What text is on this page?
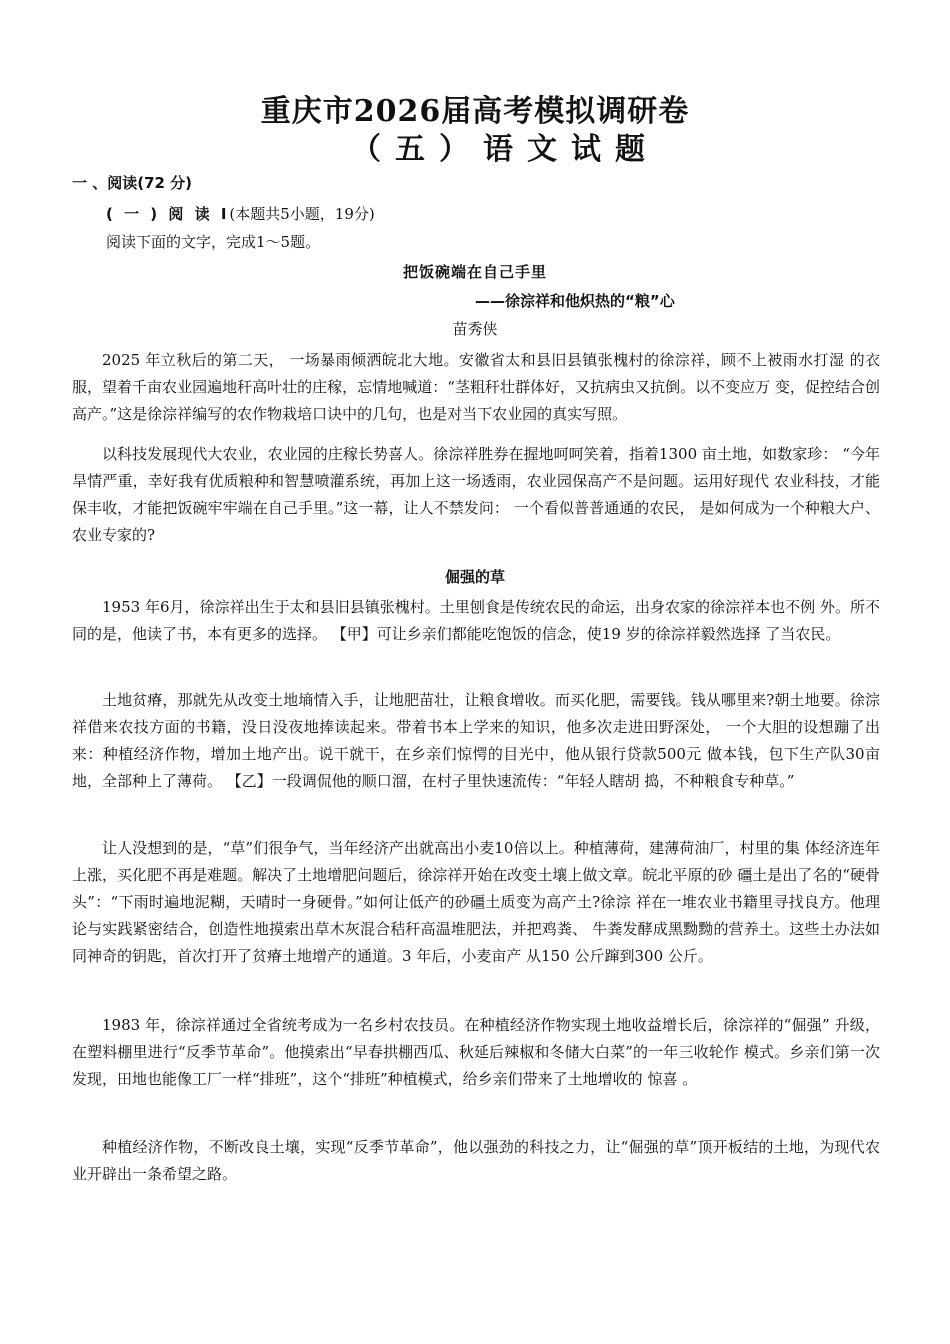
重庆市2026届高考模拟调研卷
（五）语文试题
一 、阅读(72 分)
( 一 ) 阅 读 Ⅰ(本题共5小题，19分)
阅读下面的文字，完成1～5题。
把饭碗端在自己手里
——徐淙祥和他炽热的“粮”心
苗秀侠

2025 年立秋后的第二天， 一场暴雨倾洒皖北大地。安徽省太和县旧县镇张槐村的徐淙祥，顾不上被雨水打湿 的衣服，望着千亩农业园遍地秆高叶壮的庄稼，忘情地喊道：“茎粗秆壮群体好，又抗病虫又抗倒。以不变应万 变，促控结合创高产。”这是徐淙祥编写的农作物栽培口诀中的几句，也是对当下农业园的真实写照。

以科技发展现代大农业，农业园的庄稼长势喜人。徐淙祥胜券在握地呵呵笑着，指着1300 亩土地，如数家珍： “今年旱情严重，幸好我有优质粮种和智慧喷灌系统，再加上这一场透雨，农业园保高产不是问题。运用好现代 农业科技，才能保丰收，才能把饭碗牢牢端在自己手里。”这一幕，让人不禁发问： 一个看似普普通通的农民， 是如何成为一个种粮大户、农业专家的?

倔强的草

1953 年6月，徐淙祥出生于太和县旧县镇张槐村。土里刨食是传统农民的命运，出身农家的徐淙祥本也不例 外。所不同的是，他读了书，本有更多的选择。 【甲】可让乡亲们都能吃饱饭的信念，使19 岁的徐淙祥毅然选择 了当农民。

土地贫瘠，那就先从改变土地墒情入手，让地肥苗壮，让粮食增收。而买化肥，需要钱。钱从哪里来?朝土地要。徐淙祥借来农技方面的书籍，没日没夜地捧读起来。带着书本上学来的知识，他多次走进田野深处， 一个大胆的设想蹦了出来：种植经济作物，增加土地产出。说干就干，在乡亲们惊愕的目光中，他从银行贷款500元 做本钱，包下生产队30亩地，全部种上了薄荷。 【乙】一段调侃他的顺口溜，在村子里快速流传：“年轻人瞎胡 捣，不种粮食专种草。”

让人没想到的是，“草”们很争气，当年经济产出就高出小麦10倍以上。种植薄荷，建薄荷油厂，村里的集 体经济连年上涨，买化肥不再是难题。解决了土地增肥问题后，徐淙祥开始在改变土壤上做文章。皖北平原的砂 礓土是出了名的“硬骨头”：“下雨时遍地泥糊，天晴时一身硬骨。”如何让低产的砂礓土质变为高产土?徐淙 祥在一堆农业书籍里寻找良方。他理论与实践紧密结合，创造性地摸索出草木灰混合秸秆高温堆肥法，并把鸡粪、 牛粪发酵成黑黝黝的营养土。这些土办法如同神奇的钥匙，首次打开了贫瘠土地增产的通道。3 年后，小麦亩产 从150 公斤蹿到300 公斤。

1983 年，徐淙祥通过全省统考成为一名乡村农技员。在种植经济作物实现土地收益增长后，徐淙祥的“倔强” 升级，在塑料棚里进行“反季节革命”。他摸索出“早春拱棚西瓜、秋延后辣椒和冬储大白菜”的一年三收轮作 模式。乡亲们第一次发现，田地也能像工厂一样“排班”，这个“排班”种植模式，给乡亲们带来了土地增收的 惊喜 。

种植经济作物，不断改良土壤，实现“反季节革命”，他以强劲的科技之力，让“倔强的草”顶开板结的土地，为现代农业开辟出一条希望之路。
